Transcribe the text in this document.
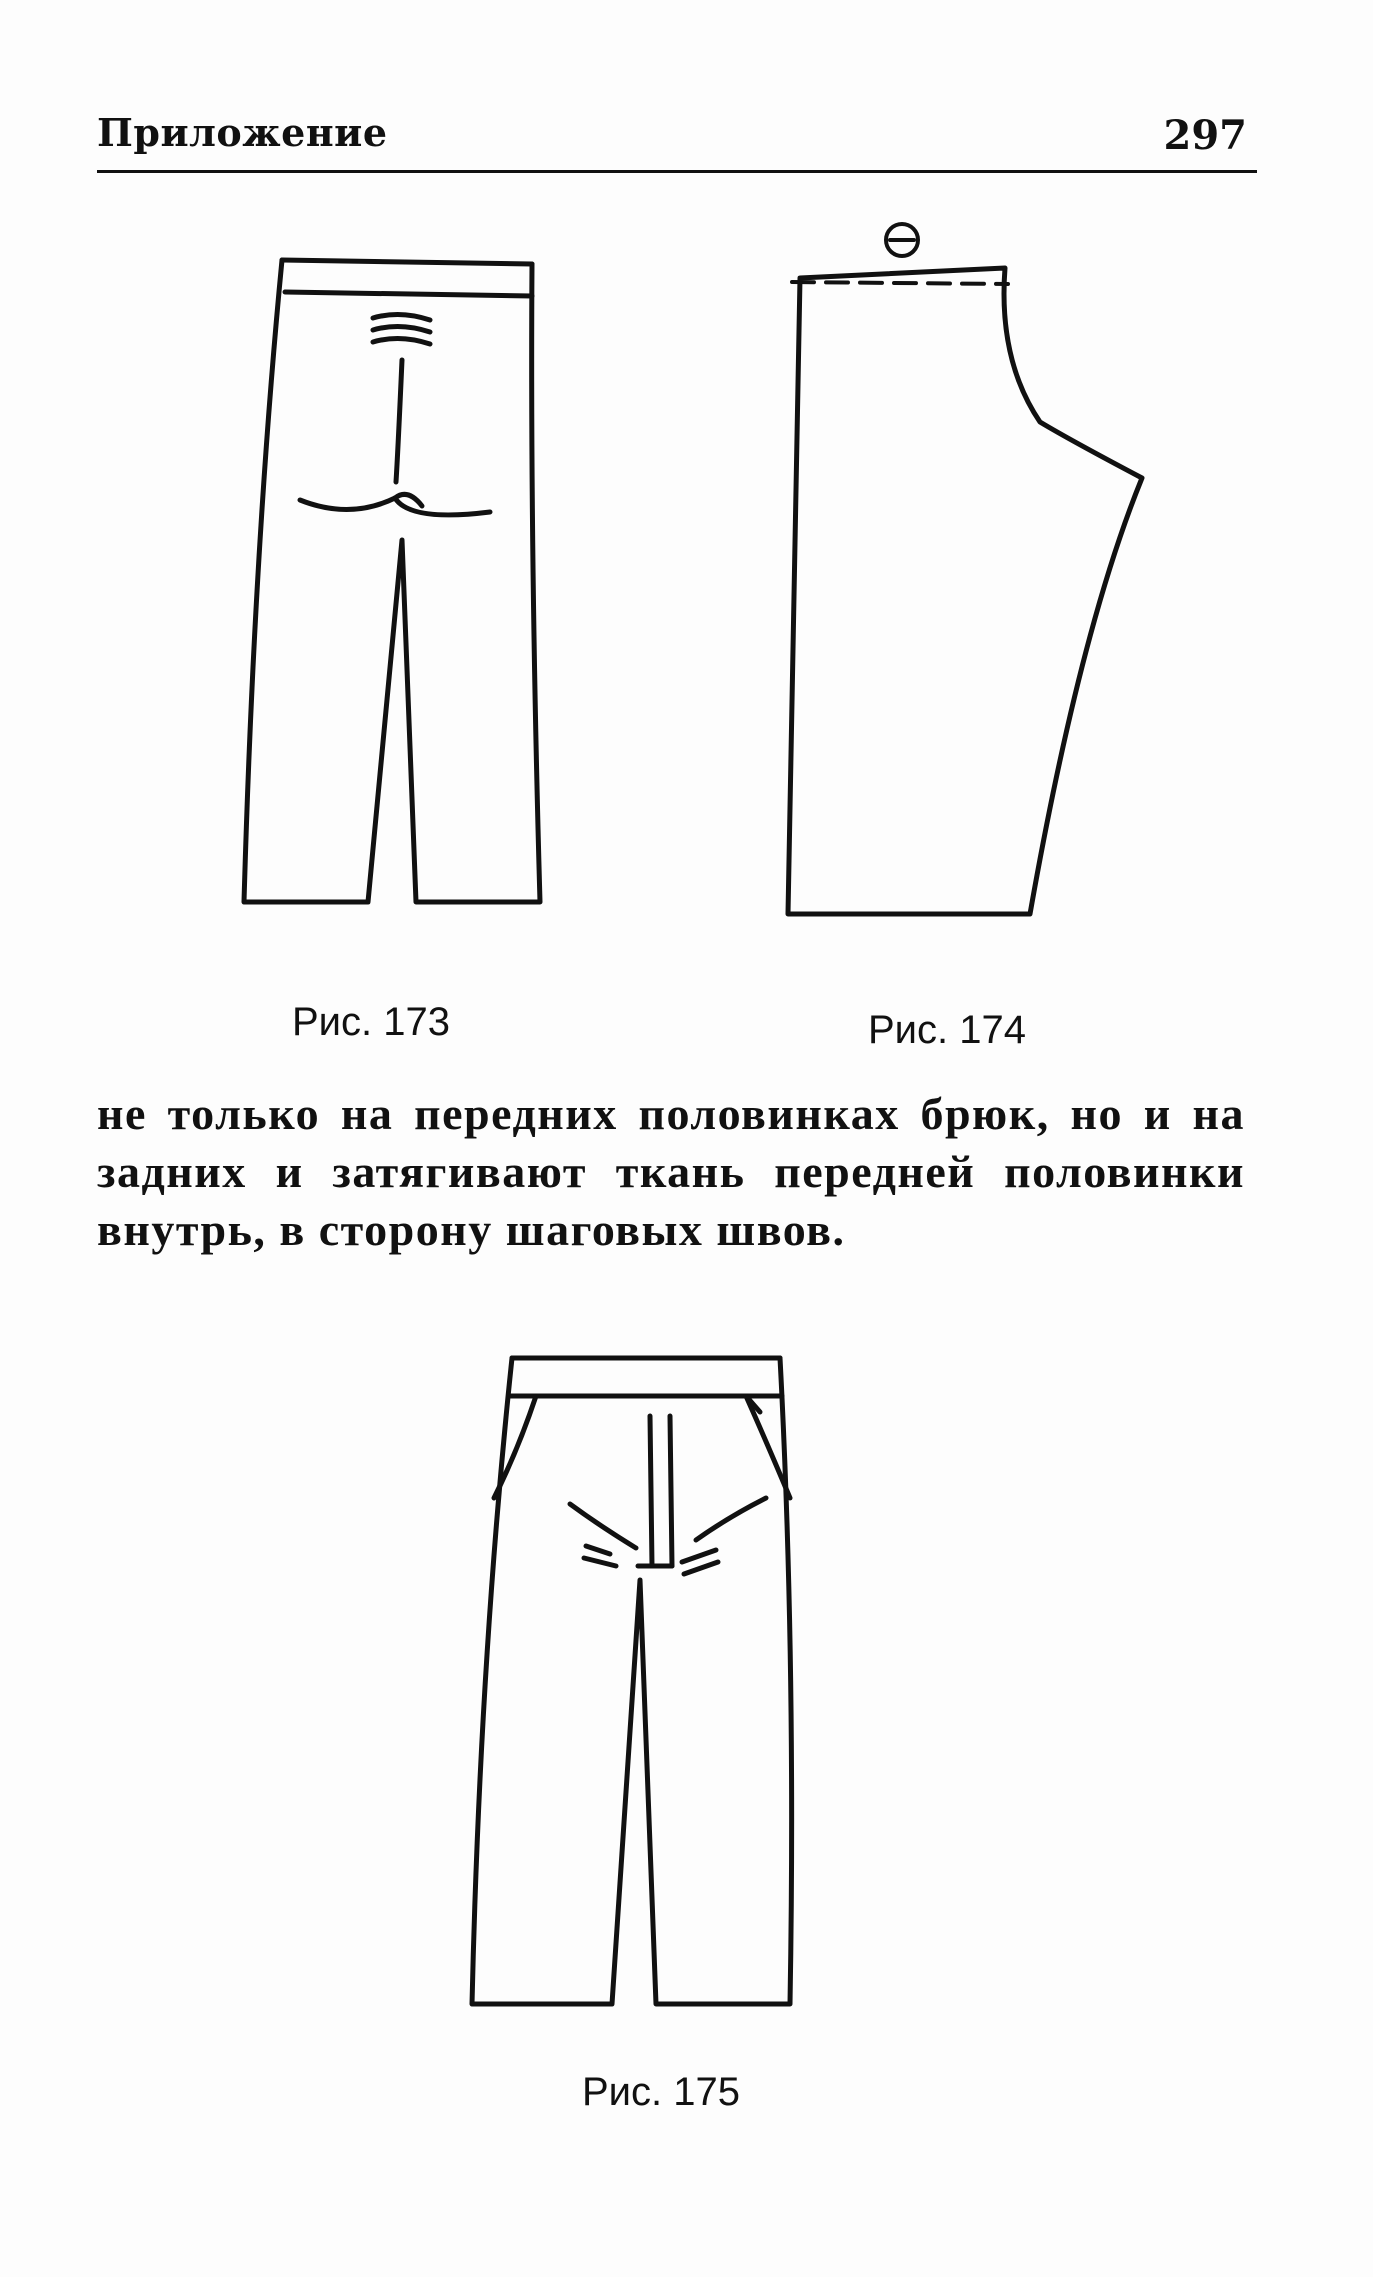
Приложение	297
Рис. 173	Рис. 174
не только на передних половинках брюк, но и на
задних и затягивают ткань передней половинки
внутрь, в сторону шаговых швов.
Рис. 175
